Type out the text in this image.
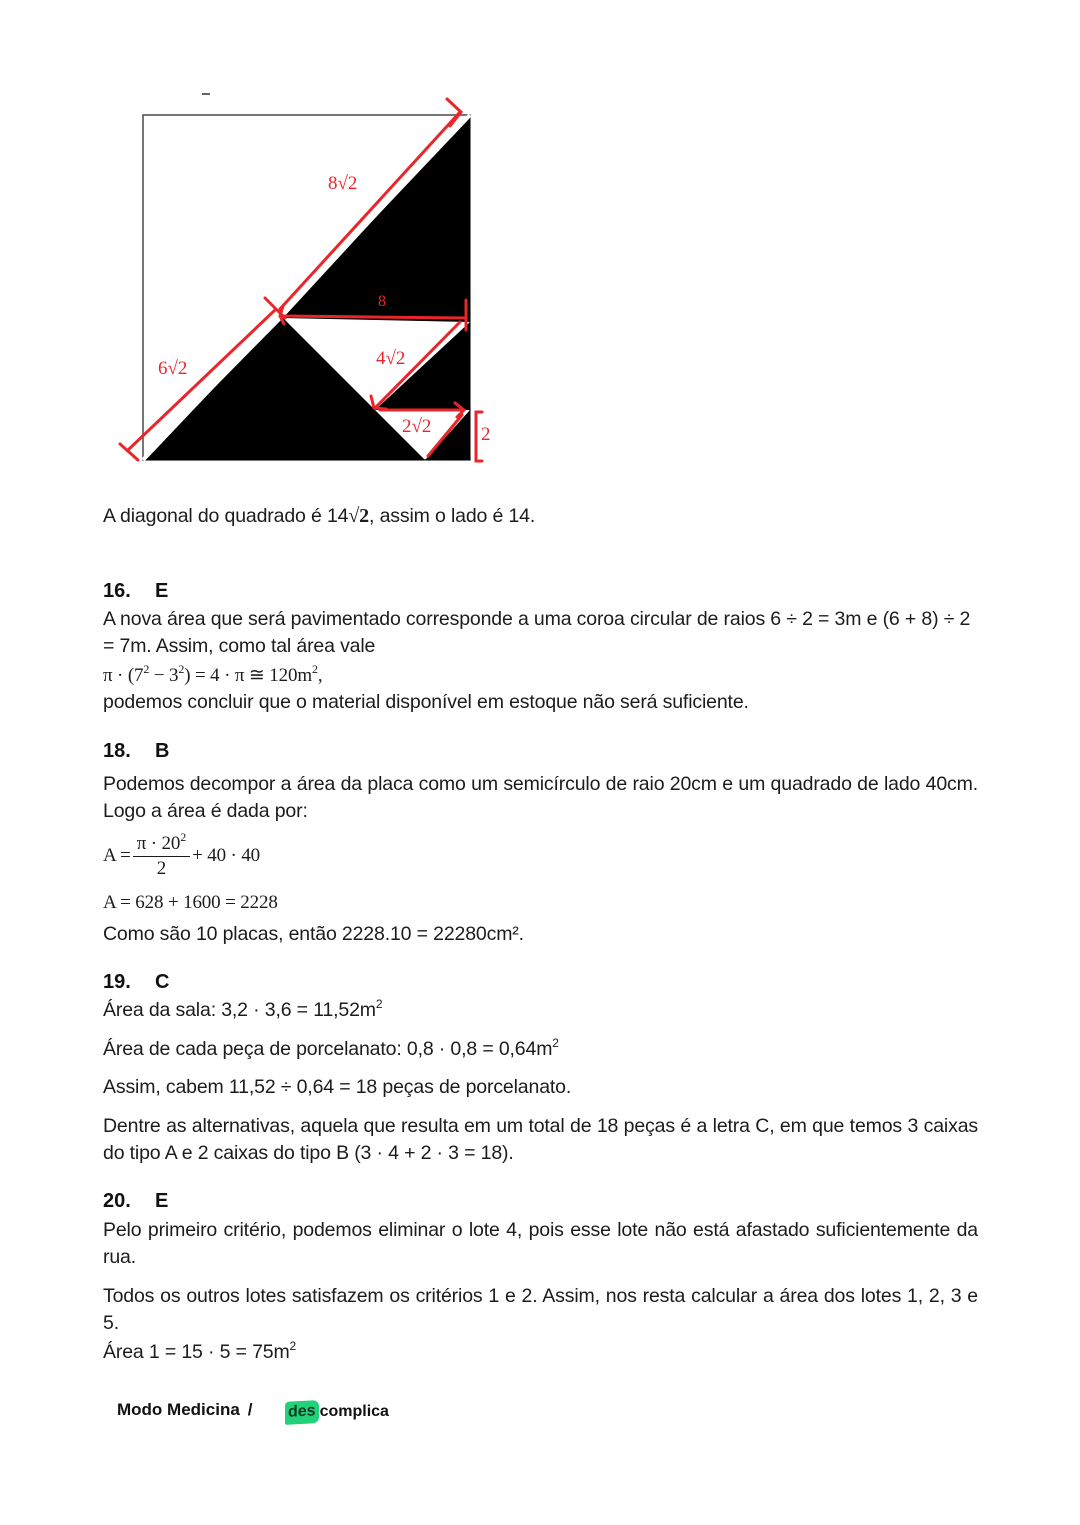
8√2
8
6√2	4√2
2√2	2
A diagonal do quadrado é 14√2, assim o lado é 14.
16. E
A nova área que será pavimentado corresponde a uma coroa circular de raios 6 ÷ 2 = 3m e (6 + 8) ÷ 2 = 7m. Assim, como tal área vale
$\pi \cdot (7^2 - 3^2) = 4 \cdot \pi$ ≅ $120m^2$,
podemos concluir que o material disponível em estoque não será suficiente.
18. B
Podemos decompor a área da placa como um semicírculo de raio 20cm e um quadrado de lado 40cm. Logo a área é dada por:
$A = \frac{\pi \cdot 20^2}{2} + 40 \cdot 40$
A = 628 + 1600 = 2228
Como são 10 placas, então 2228.10 = 22280cm².
19. C
Área da sala: $3,2 \cdot 3,6 = 11,52m^2$
Área de cada peça de porcelanato: $0,8 \cdot 0,8 = 0,64m^2$
Assim, cabem 11,52 ÷ 0,64 = 18 peças de porcelanato.
Dentre as alternativas, aquela que resulta em um total de 18 peças é a letra C, em que temos 3 caixas do tipo A e 2 caixas do tipo B (3 · 4 + 2 · 3 = 18).
20. E
Pelo primeiro critério, podemos eliminar o lote 4, pois esse lote não está afastado suficientemente da rua.
Todos os outros lotes satisfazem os critérios 1 e 2. Assim, nos resta calcular a área dos lotes 1, 2, 3 e 5.
Área $1 = 15 \cdot 5 = 75m^2$
Modo Medicina / des complica
